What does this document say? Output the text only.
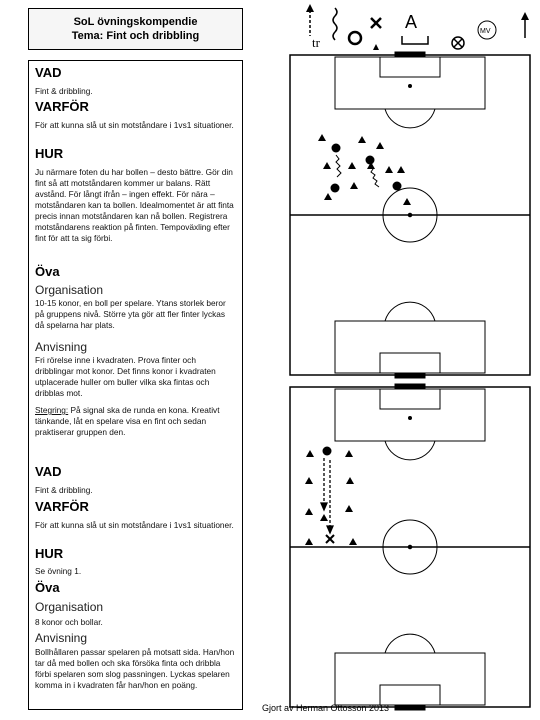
SoL övningskompendie
Tema: Fint och dribbling	tr
A	MV
VAD
Fint & dribbling.
VARFÖR
För att kunna slå ut sin motståndare i 1vs1 situationer.
HUR
Ju närmare foten du har bollen – desto bättre. Gör din fint så att motståndaren kommer ur balans. Rätt avstånd. För långt ifrån – ingen effekt. För nära – motståndaren kan ta bollen. Idealmomentet är att finta precis innan motståndaren kan nå bollen. Registrera motståndarens reaktion på finten. Tempoväxling efter fint för att ta sig förbi.
Öva
Organisation
10-15 konor, en boll per spelare. Ytans storlek beror på gruppens nivå. Större yta gör att fler finter lyckas då spelarna har plats.
Anvisning
Fri rörelse inne i kvadraten. Prova finter och dribblingar mot konor. Det finns konor i kvadraten utplacerade huller om buller vilka ska fintas och dribblas mot.
Stegring: På signal ska de runda en kona. Kreativt tänkande, låt en spelare visa en fint och sedan praktiserar gruppen den.
VAD
Fint & dribbling.
VARFÖR
För att kunna slå ut sin motståndare i 1vs1 situationer.
HUR
Se övning 1.
Öva
Organisation
8 konor och bollar.
Anvisning
Bollhållaren passar spelaren på motsatt sida. Han/hon tar då med bollen och ska försöka finta och dribbla förbi spelaren som slog passningen. Lyckas spelaren komma in i kvadraten får han/hon en poäng.
Gjort av Herman Ottosson 2013
